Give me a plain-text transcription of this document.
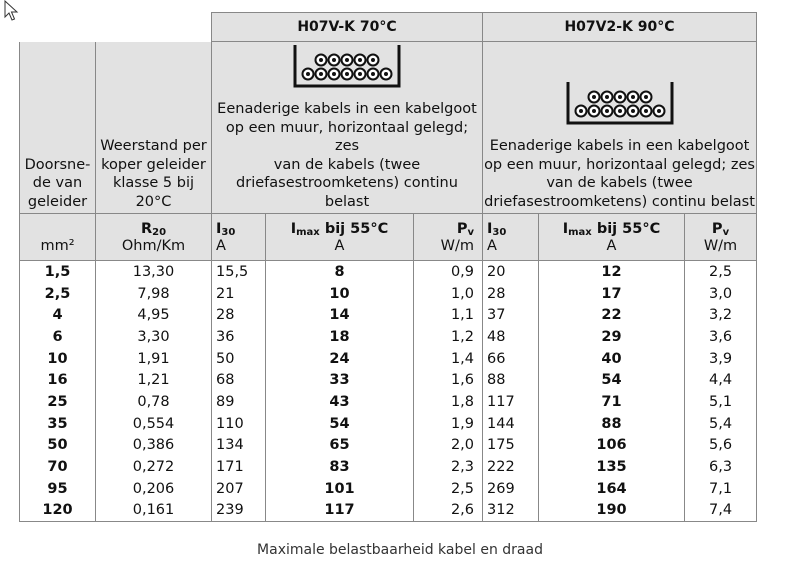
		H07V-K 70°C			H07V2-K 90°C		
Doorsne-
de van
geleider	Weerstand per
koper geleider
klasse 5 bij
20°C	Eenaderige kabels in een kabelgoot
op een muur, horizontaal gelegd; zes
van de kabels (twee
driefasestroomketens) continu belast			Eenaderige kabels in een kabelgoot
op een muur, horizontaal gelegd; zes
van de kabels (twee
driefasestroomketens) continu belast		
	$R_{20}$	$I_{30}$	$I_{max}$ bij 55°C	$P_v$	$I_{30}$	$I_{max}$ bij 55°C	$P_v$
mm²	Ohm/Km	A	A	W/m	A	A	W/m
1,5	13,30	15,5	8	0,9	20	12	2,5
2,5	7,98	21	10	1,0	28	17	3,0
4	4,95	28	14	1,1	37	22	3,2
6	3,30	36	18	1,2	48	29	3,6
10	1,91	50	24	1,4	66	40	3,9
16	1,21	68	33	1,6	88	54	4,4
25	0,78	89	43	1,8	117	71	5,1
35	0,554	110	54	1,9	144	88	5,4
50	0,386	134	65	2,0	175	106	5,6
70	0,272	171	83	2,3	222	135	6,3
95	0,206	207	101	2,5	269	164	7,1
120	0,161	239	117	2,6	312	190	7,4
Maximale belastbaarheid kabel en draad
